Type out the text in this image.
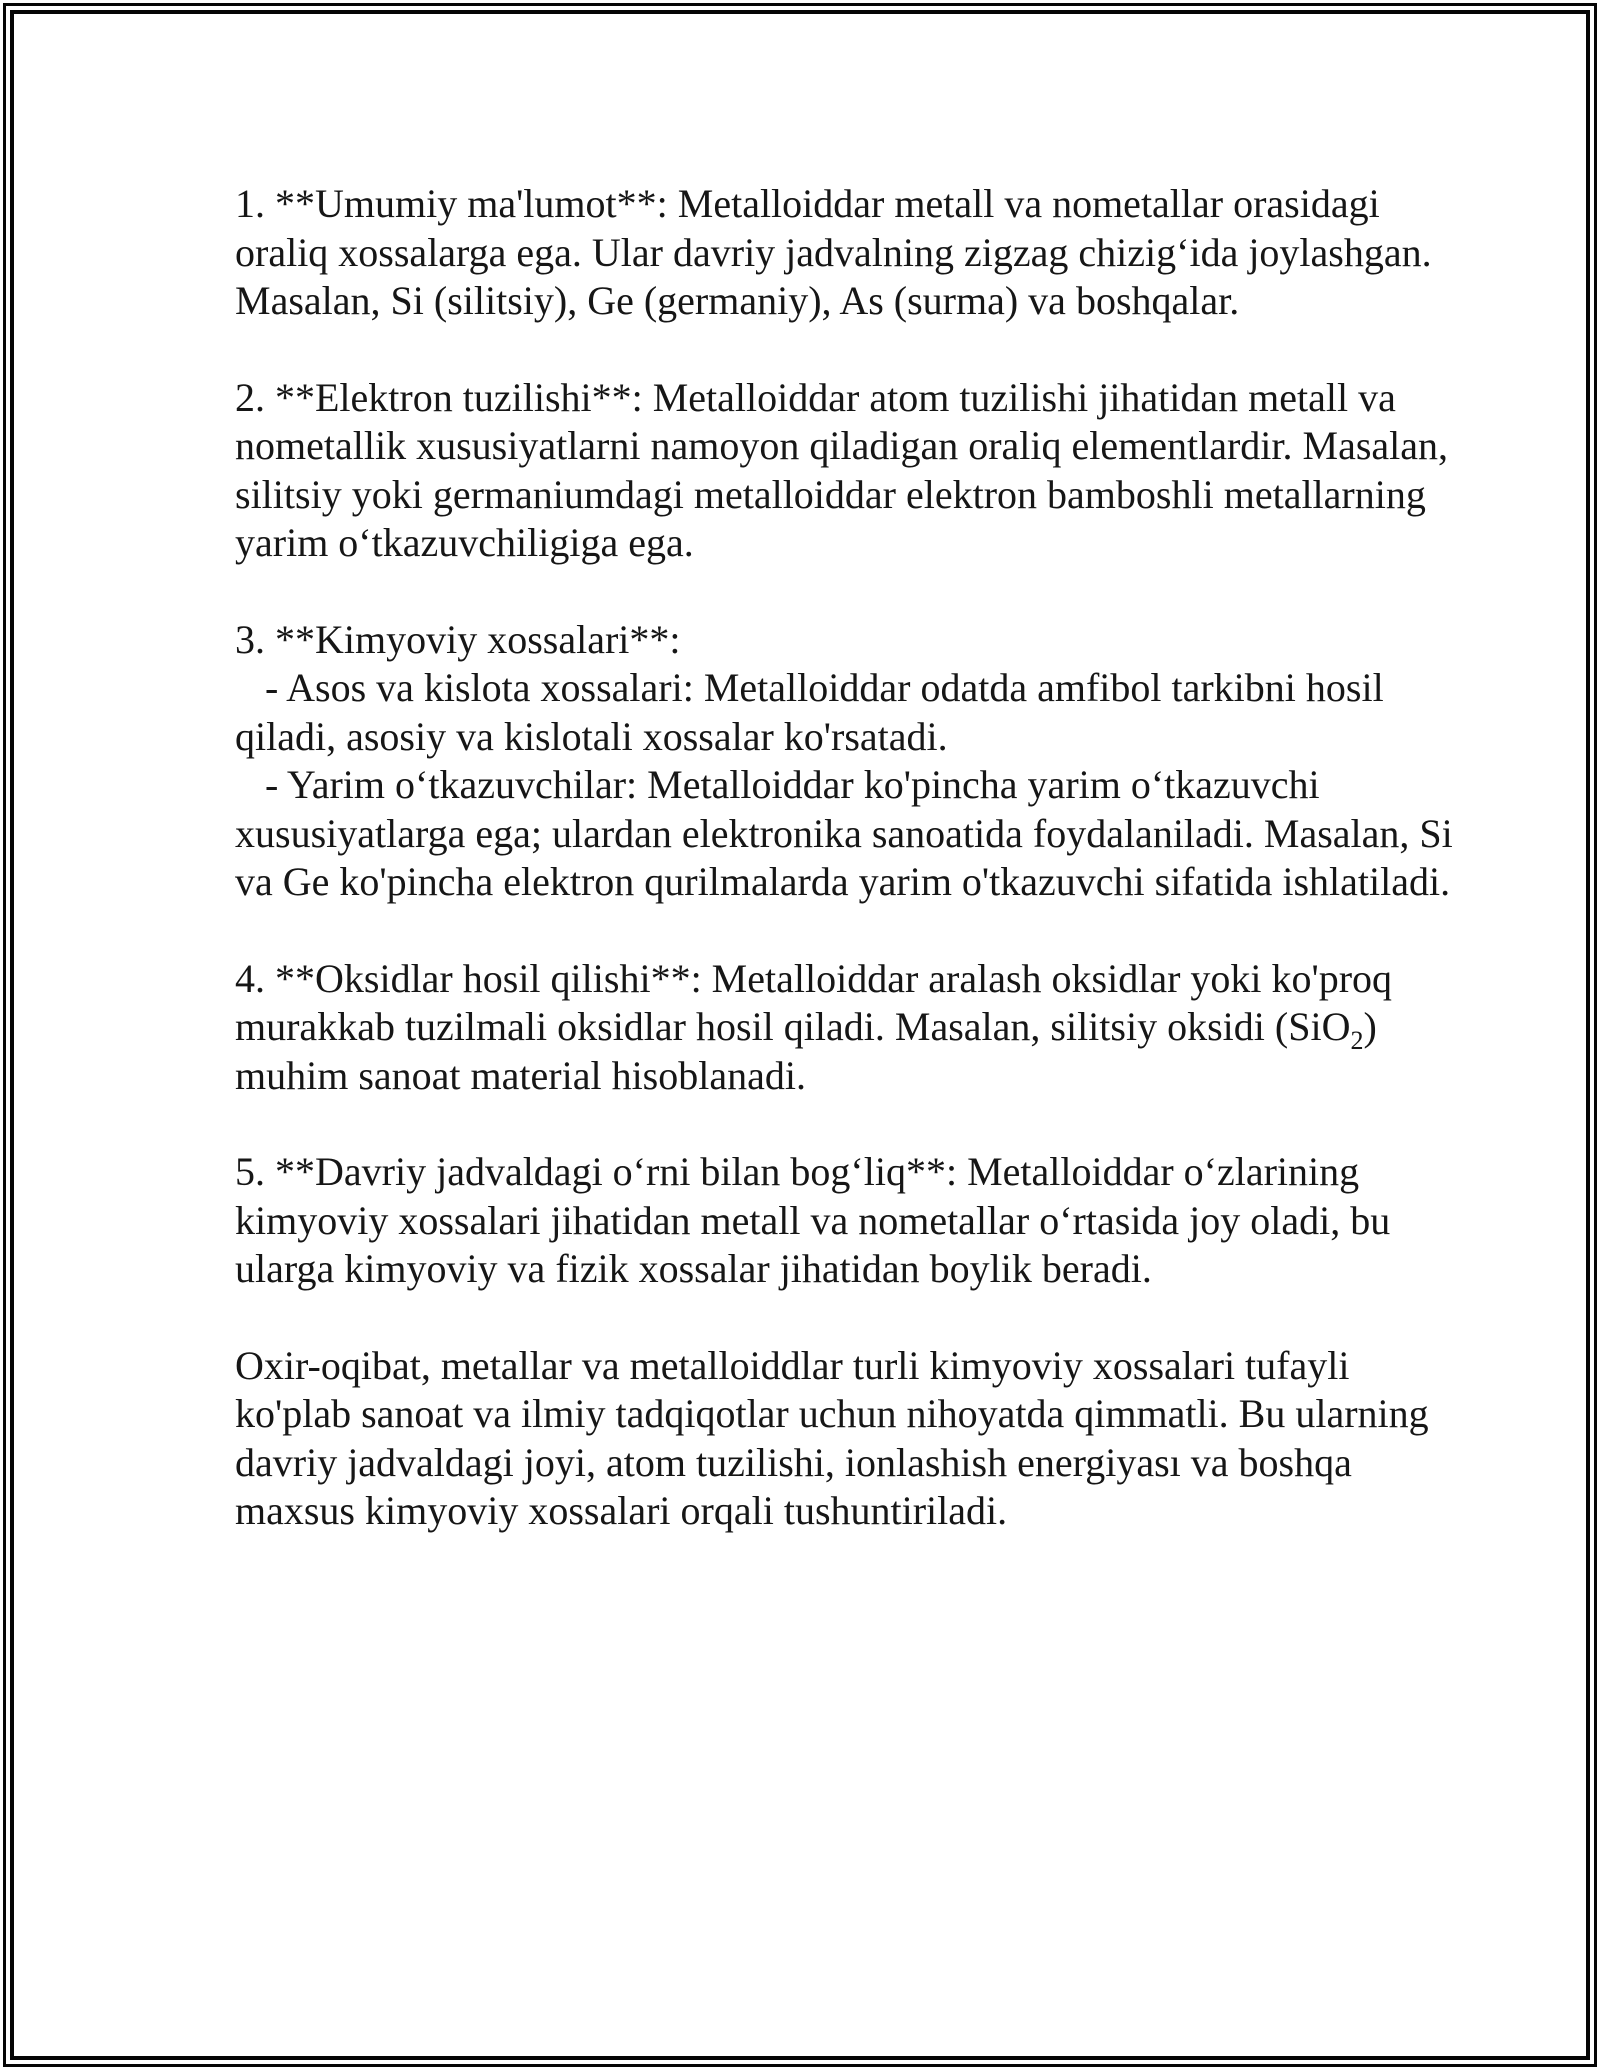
1. **Umumiy ma'lumot**: Metalloiddar metall va nometallar orasidagi
oraliq xossalarga ega. Ular davriy jadvalning zigzag chizig‘ida joylashgan.
Masalan, Si (silitsiy), Ge (germaniy), As (surma) va boshqalar.
2. **Elektron tuzilishi**: Metalloiddar atom tuzilishi jihatidan metall va
nometallik xususiyatlarni namoyon qiladigan oraliq elementlardir. Masalan,
silitsiy yoki germaniumdagi metalloiddar elektron bamboshli metallarning
yarim o‘tkazuvchiligiga ega.
3. **Kimyoviy xossalari**:
- Asos va kislota xossalari: Metalloiddar odatda amfibol tarkibni hosil
qiladi, asosiy va kislotali xossalar ko'rsatadi.
- Yarim o‘tkazuvchilar: Metalloiddar ko'pincha yarim o‘tkazuvchi
xususiyatlarga ega; ulardan elektronika sanoatida foydalaniladi. Masalan, Si
va Ge ko'pincha elektron qurilmalarda yarim o'tkazuvchi sifatida ishlatiladi.
4. **Oksidlar hosil qilishi**: Metalloiddar aralash oksidlar yoki ko'proq
murakkab tuzilmali oksidlar hosil qiladi. Masalan, silitsiy oksidi (SiO$_2$)
muhim sanoat material hisoblanadi.
5. **Davriy jadvaldagi o‘rni bilan bog‘liq**: Metalloiddar o‘zlarining
kimyoviy xossalari jihatidan metall va nometallar o‘rtasida joy oladi, bu
ularga kimyoviy va fizik xossalar jihatidan boylik beradi.
Oxir-oqibat, metallar va metalloiddlar turli kimyoviy xossalari tufayli
ko'plab sanoat va ilmiy tadqiqotlar uchun nihoyatda qimmatli. Bu ularning
davriy jadvaldagi joyi, atom tuzilishi, ionlashish energiyası va boshqa
maxsus kimyoviy xossalari orqali tushuntiriladi.
